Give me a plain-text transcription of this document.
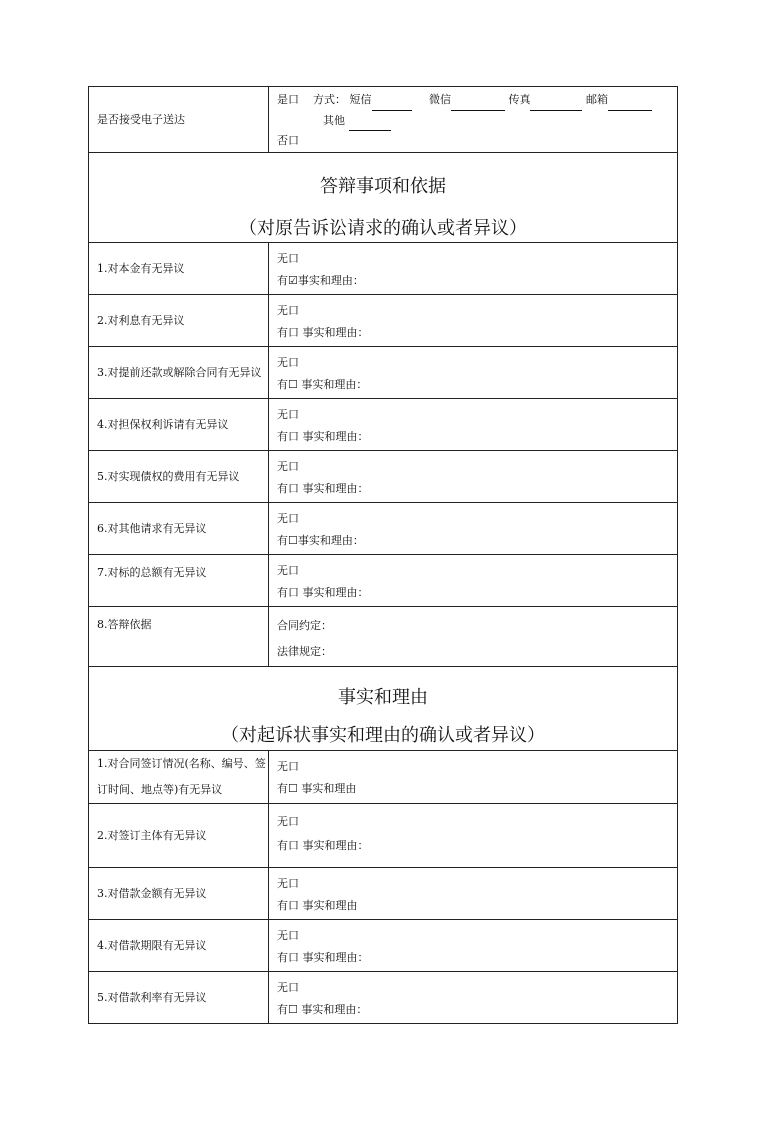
是否接受电子送达	是口 方式： 短信 微信 传真 邮箱
其他
否口

答辩事项和依据
（对原告诉讼请求的确认或者异议）	

1.对本金有无异议	无口
有☑事实和理由：

2.对利息有无异议	无口
有口 事实和理由：

3.对提前还款或解除合同有无异议	无口
有☐ 事实和理由：

4.对担保权利诉请有无异议	无口
有口 事实和理由：

5.对实现债权的费用有无异议	无口
有口 事实和理由：

6.对其他请求有无异议	无口
有☐事实和理由：

7.对标的总额有无异议	无口
有口 事实和理由：

8.答辩依据	合同约定：
法律规定：

事实和理由
（对起诉状事实和理由的确认或者异议）	

1.对合同签订情况(名称、编号、签订时间、地点等)有无异议	无口
有☐ 事实和理由

2.对签订主体有无异议	无口
有口 事实和理由：

3.对借款金额有无异议	无口
有口 事实和理由

4.对借款期限有无异议	无口
有口 事实和理由：

5.对借款利率有无异议	无口
有☐ 事实和理由：
